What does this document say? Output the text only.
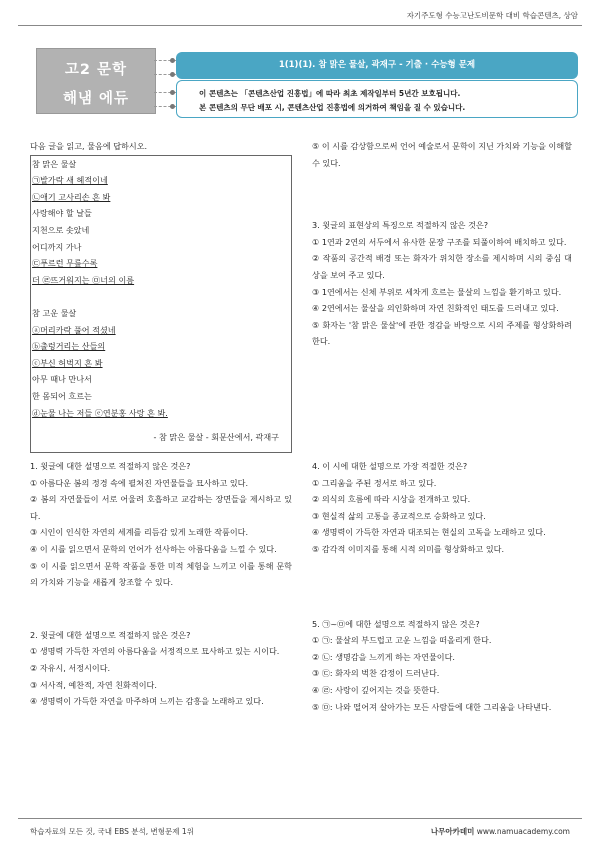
자기주도형 수능고난도비문학 대비 학습콘텐츠, 상암
고2 문학
해냄 에듀
1(1)(1). 참 맑은 물살, 곽재구 - 기출 · 수능형 문제
이 콘텐츠는 「콘텐츠산업 진흥법」에 따라 최초 제작일부터 5년간 보호됩니다.
본 콘텐츠의 무단 배포 시, 콘텐츠산업 진흥법에 의거하여 책임을 질 수 있습니다.
다음 글을 읽고, 물음에 답하시오.
참 맑은 물살
㉠발가락 새 헤적이네
㉡애기 고사리손 흔 봐
사랑해야 할 날들
지천으로 솟았네
어디까지 가나
㉢푸르런 무릎수록
더 ㉣뜨거워지는 ㉤너의 이름
참 고운 물살
ⓐ머리카락 풀어 적셨네
ⓑ출렁거리는 산들의
ⓒ부신 허벅지 흔 봐
아무 때나 만나서
한 몸되어 흐르는
ⓓ눈물 나는 저들 ⓔ연분홍 사랑 흔 봐.
- 참 맑은 물살 - 회문산에서, 곽재구
⑤ 이 시를 감상함으로써 언어 예술로서 문학이 지닌 가치와 기능을 이해할 수 있다.
3. 윗글의 표현상의 특징으로 적절하지 않은 것은?
① 1연과 2연의 서두에서 유사한 문장 구조를 되풀이하여 배치하고 있다.
② 작품의 공간적 배경 또는 화자가 위치한 장소를 제시하며 시의 중심 대상을 보여 주고 있다.
③ 1연에서는 신체 부위로 세차게 흐르는 물살의 느낌을 환기하고 있다.
④ 2연에서는 물살을 의인화하며 자연 친화적인 태도를 드러내고 있다.
⑤ 화자는 '참 맑은 물살'에 관한 정감을 바탕으로 시의 주제를 형상화하려 한다.
1. 윗글에 대한 설명으로 적절하지 않은 것은?
① 아름다운 봄의 정경 속에 펼쳐진 자연물들을 묘사하고 있다.
② 봄의 자연물들이 서로 어울려 호흡하고 교감하는 장면들을 제시하고 있다.
③ 시인이 인식한 자연의 세계를 리듬감 있게 노래한 작품이다.
④ 이 시를 읽으면서 문학의 언어가 선사하는 아름다움을 느낄 수 있다.
⑤ 이 시를 읽으면서 문학 작품을 통한 미적 체험을 느끼고 이를 통해 문학의 가치와 기능을 새롭게 창조할 수 있다.
2. 윗글에 대한 설명으로 적절하지 않은 것은?
① 생명력 가득한 자연의 아름다움을 서정적으로 묘사하고 있는 시이다.
② 자유시, 서정시이다.
③ 서사적, 예찬적, 자연 친화적이다.
④ 생명력이 가득한 자연을 마주하며 느끼는 감흥을 노래하고 있다.
4. 이 시에 대한 설명으로 가장 적절한 것은?
① 그리움을 주된 정서로 하고 있다.
② 의식의 흐름에 따라 시상을 전개하고 있다.
③ 현실적 삶의 고통을 종교적으로 승화하고 있다.
④ 생명력이 가득한 자연과 대조되는 현실의 고독을 노래하고 있다.
⑤ 감각적 이미지를 통해 시적 의미를 형상화하고 있다.
5. ㉠~㉤에 대한 설명으로 적절하지 않은 것은?
① ㉠: 물살의 부드럽고 고운 느낌을 떠올리게 한다.
② ㉡: 생명감을 느끼게 하는 자연물이다.
③ ㉢: 화자의 벅찬 감정이 드러난다.
④ ㉣: 사랑이 깊어지는 것을 뜻한다.
⑤ ㉤: 나와 떨어져 살아가는 모든 사람들에 대한 그리움을 나타낸다.
학습자료의 모든 것, 국내 EBS 분석, 변형문제 1위	나무아카데미 www.namuacademy.com
